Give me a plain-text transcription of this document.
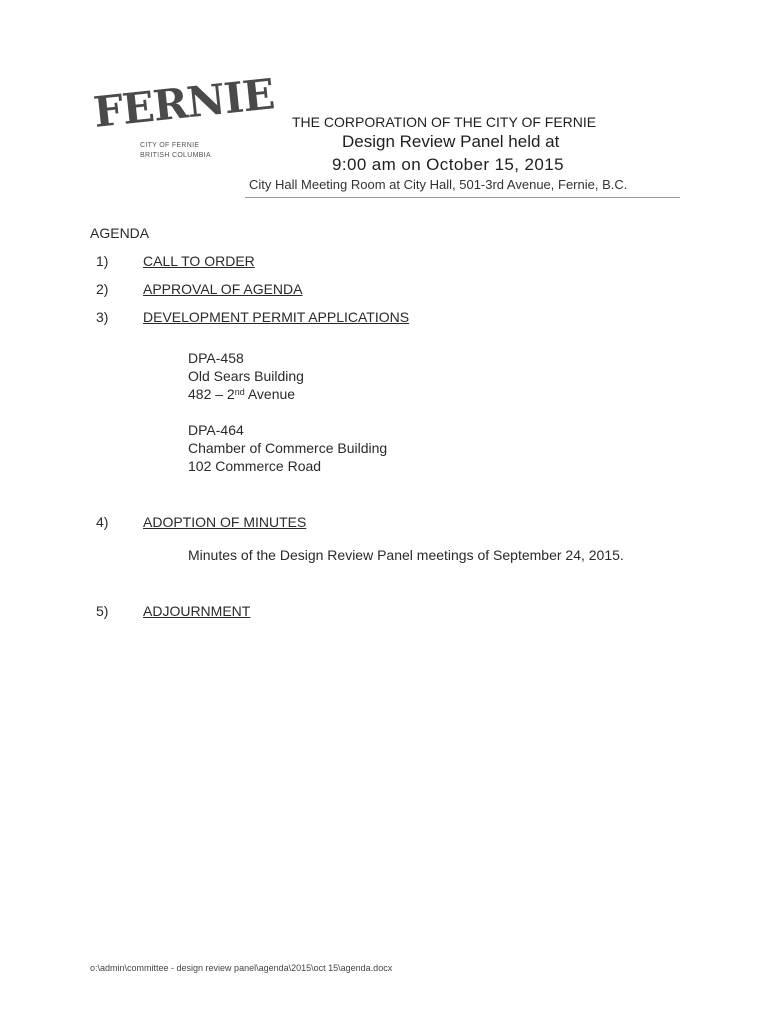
FERNIE
CITY OF FERNIE
BRITISH COLUMBIA
THE CORPORATION OF THE CITY OF FERNIE
Design Review Panel held at
9:00 am on October 15, 2015
City Hall Meeting Room at City Hall, 501-3rd Avenue, Fernie, B.C.
AGENDA
1) CALL TO ORDER
2) APPROVAL OF AGENDA
3) DEVELOPMENT PERMIT APPLICATIONS
DPA-458
Old Sears Building
482 – 2nd Avenue
DPA-464
Chamber of Commerce Building
102 Commerce Road
4) ADOPTION OF MINUTES
Minutes of the Design Review Panel meetings of September 24, 2015.
5) ADJOURNMENT
o:\admin\committee - design review panel\agenda\2015\oct 15\agenda.docx
